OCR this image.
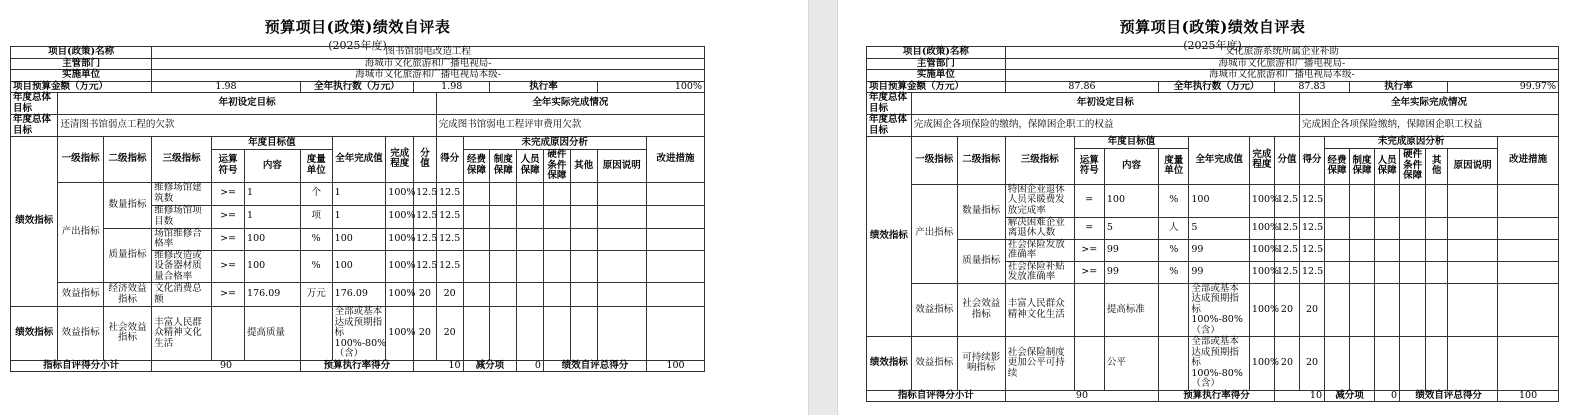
预算项目(政策)绩效自评表
(2025年度)
项目(政策)名称			图书馆弱电改造工程														
主管部门			海城市文化旅游和广播电视局-														
实施单位			海城市文化旅游和广播电视局本级-														
项目预算金额（万元）			1.98			全年执行数（万元）			1.98			执行率				100%	
年度总体目标	年初设定目标									全年实际完成情况							
年度总体目标	还清图书馆弱点工程的欠款									完成图书馆弱电工程评审费用欠款							
绩效指标	一级指标	二级指标	三级指标	年度目标值			全年完成值	完成程度	分值	得分	未完成原因分析						改进措施
				运算符号	内容	度量单位					经费保障	制度保障	人员保障	硬件条件保障	其他	原因说明	
	产出指标	数量指标	维修场馆建筑数	>=	1	个	1	100%	12.5	12.5							
			维修场馆项目数	>=	1	项	1	100%	12.5	12.5							
		质量指标	场馆维修合格率	>=	100	%	100	100%	12.5	12.5							
			维修改造或设备器材质量合格率	>=	100	%	100	100%	12.5	12.5							
	效益指标	经济效益指标	文化消费总额	>=	176.09	万元	176.09	100%	20	20							
绩效指标	效益指标	社会效益指标	丰富人民群众精神文化生活		提高质量		全部或基本达成预期指标100%-80%（含）	100%	20	20							
指标自评得分小计			90			预算执行率得分			10		减分项		0	绩效自评总得分			100
预算项目(政策)绩效自评表
(2025年度)
项目(政策)名称			文化旅游系统所属企业补助														
主管部门			海城市文化旅游和广播电视局-														
实施单位			海城市文化旅游和广播电视局本级-														
项目预算金额（万元）			87.86			全年执行数（万元）			87.83			执行率				99.97%	
年度总体目标	年初设定目标									全年实际完成情况							
年度总体目标	完成困企各项保险的缴纳，保障困企职工的权益									完成困企各项保险缴纳，保障困企职工权益							
绩效指标	一级指标	二级指标	三级指标	年度目标值			全年完成值	完成程度	分值	得分	未完成原因分析						改进措施
				运算符号	内容	度量单位					经费保障	制度保障	人员保障	硬件条件保障	其他	原因说明	
	产出指标	数量指标	特困企业退休人员采暖费发放完成率	=	100	%	100	100%	12.5	12.5							
			解决困难企业离退休人数	=	5	人	5	100%	12.5	12.5							
		质量指标	社会保险发放准确率	>=	99	%	99	100%	12.5	12.5							
			社会保险补贴发放准确率	>=	99	%	99	100%	12.5	12.5							
	效益指标	社会效益指标	丰富人民群众精神文化生活		提高标准		全部或基本达成预期指标100%-80%（含）	100%	20	20							
绩效指标	效益指标	可持续影响指标	社会保险制度更加公平可持续		公平		全部或基本达成预期指标100%-80%（含）	100%	20	20							
指标自评得分小计			90			预算执行率得分			10		减分项		0	绩效自评总得分			100
